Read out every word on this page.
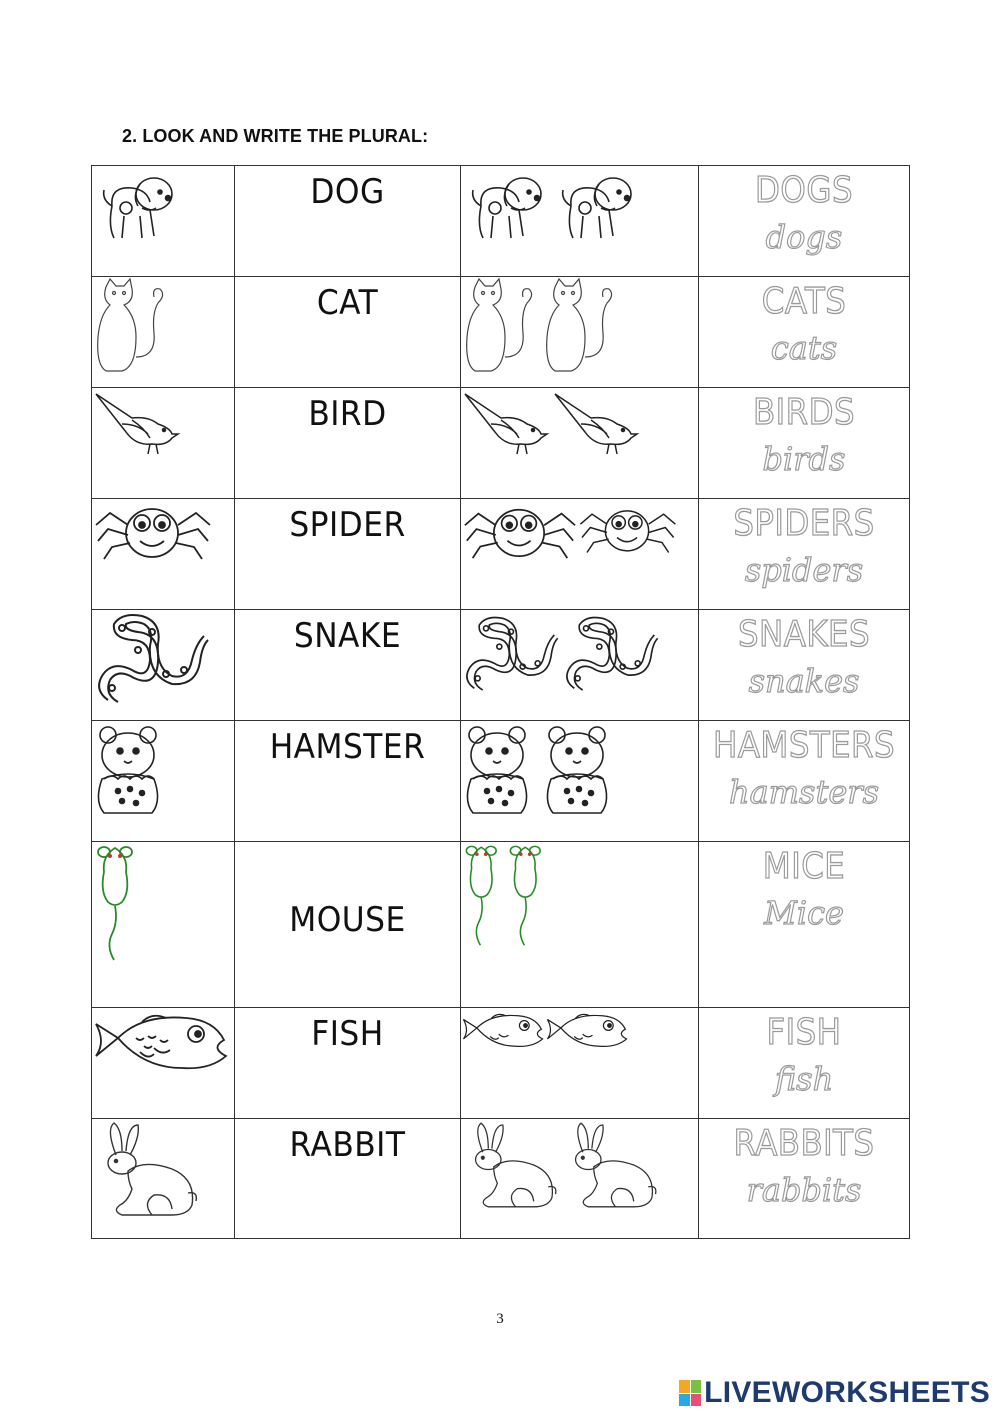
2. LOOK AND WRITE THE PLURAL:

DOG		DOGS
dogs

CAT		CATS
cats

BIRD		BIRDS
birds

SPIDER		SPIDERS
spiders

SNAKE		SNAKES
snakes

HAMSTER		HAMSTERS
hamsters

MOUSE		MICE
Mice

FISH		FISH
fish

RABBIT		RABBITS
rabbits
3
LIVEWORKSHEETS
